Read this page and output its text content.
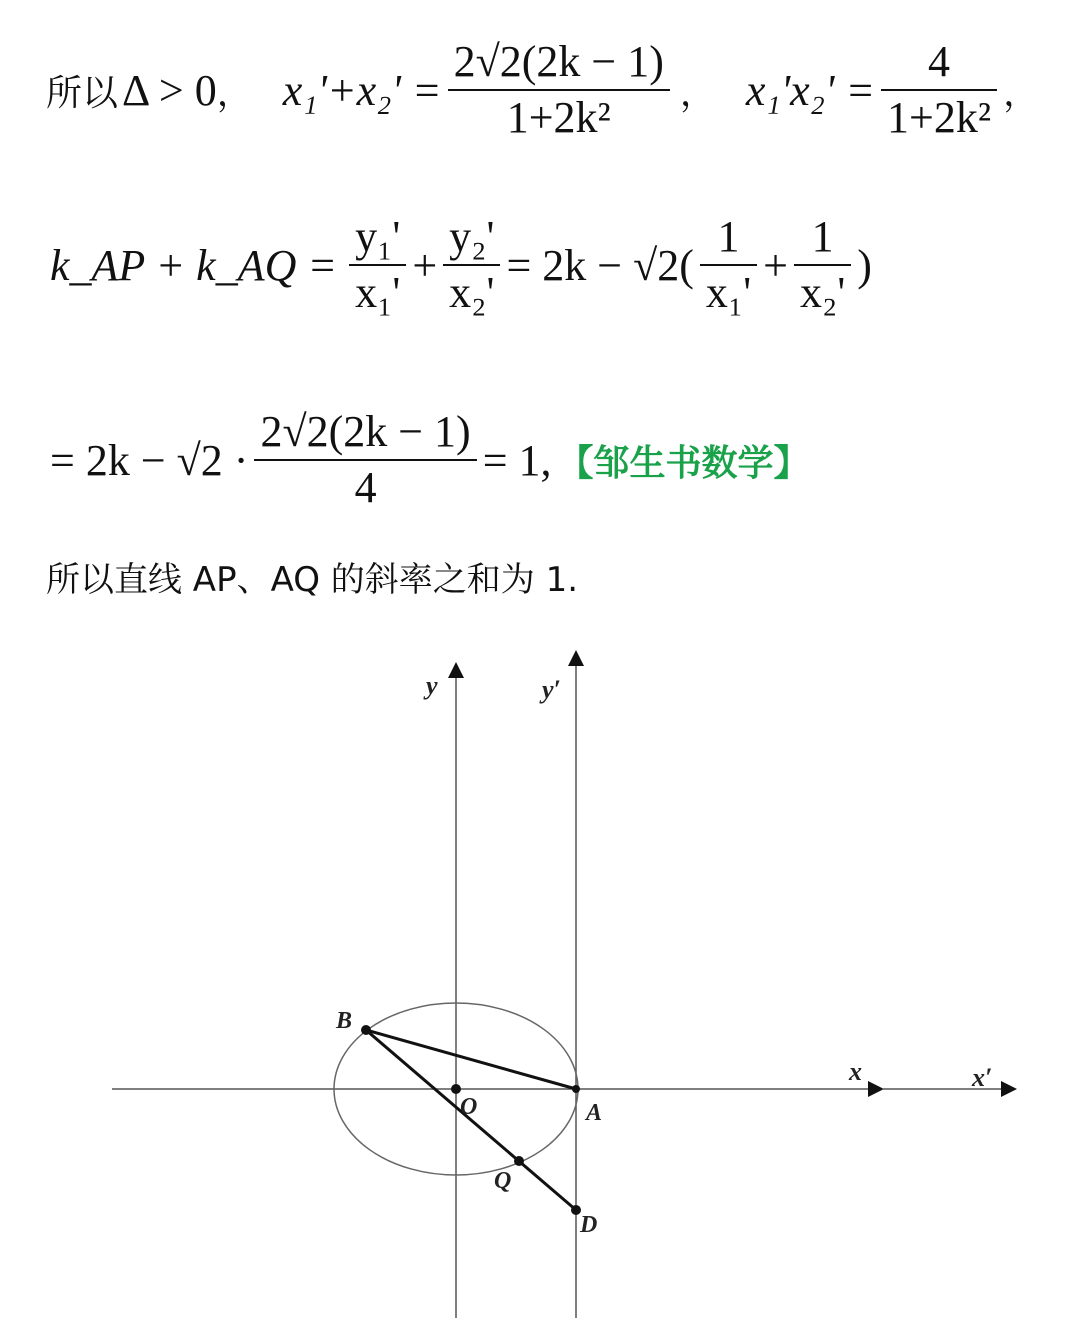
所以 Δ > 0 ， $x_1'+x_2' = \frac{2√2(2k - 1)}{\text{1+2k²}}$ ， $x_1'x_2' = \frac{4}{\text{1+2k²}}$ ，
k_AP + k_AQ = $\frac{\text{y₁'}}{\text{x₁'}} + \frac{\text{y₂'}}{\text{x₂'}} = 2k - √2( \frac{1}{\text{x₁'}} + \frac{1}{\text{x₂'}}$ )
= $2k - √2 \cdot \frac{2√2(2k - 1)}{4} = 1$, 【邹生书数学】
所以直线 AP、AQ 的斜率之和为 1.
y	y′
x	x′
B
O	A
Q
D
